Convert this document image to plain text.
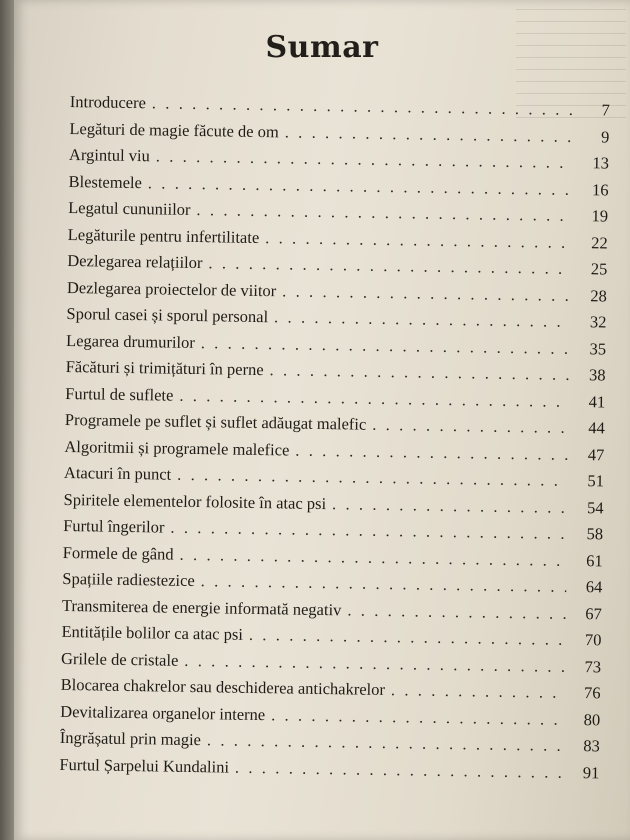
Sumar
Introducere . . .	7
Legături de magie făcute de om . . .	9
Argintul viu . . .	13
Blestemele . . .	16
Legatul cununiilor . . .	19
Legăturile pentru infertilitate . . .	22
Dezlegarea relațiilor . . .	25
Dezlegarea proiectelor de viitor . . .	28
Sporul casei și sporul personal . . .	32
Legarea drumurilor . . .	35
Făcături și trimițături în perne . . .	38
Furtul de suflete . . .	41
Programele pe suflet și suflet adăugat malefic . . .	44
Algoritmii și programele malefice . . .	47
Atacuri în punct . . .	51
Spiritele elementelor folosite în atac psi . . .	54
Furtul îngerilor . . .	58
Formele de gând . . .	61
Spațiile radiestezice . . .	64
Transmiterea de energie informată negativ . . .	67
Entitățile bolilor ca atac psi . . .	70
Grilele de cristale . . .	73
Blocarea chakrelor sau deschiderea antichakrelor . . .	76
Devitalizarea organelor interne . . .	80
Îngrășatul prin magie . . .	83
Furtul Șarpelui Kundalini . . .	91
